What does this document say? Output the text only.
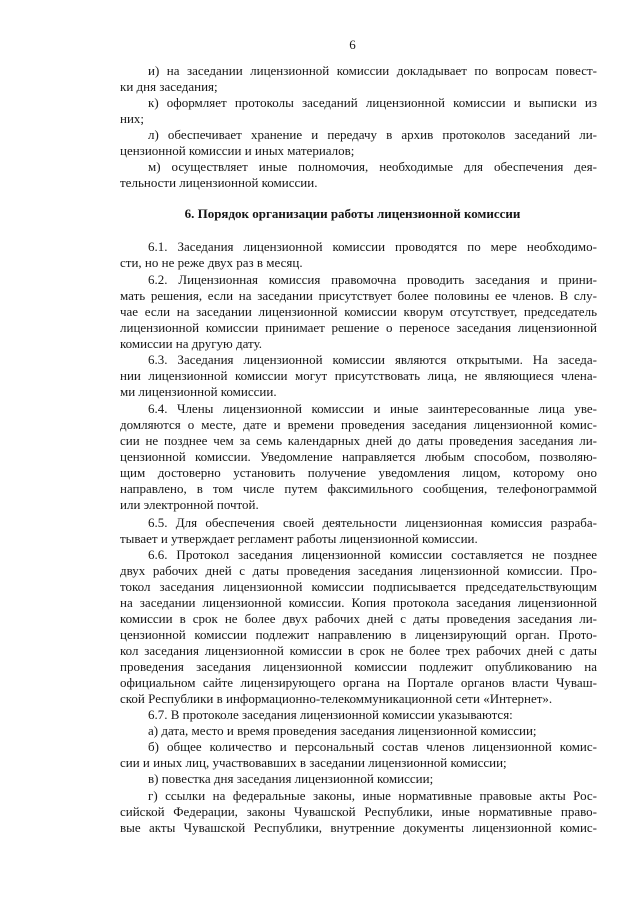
6
и) на заседании лицензионной комиссии докладывает по вопросам повест-
ки дня заседания;
к) оформляет протоколы заседаний лицензионной комиссии и выписки из
них;
л) обеспечивает хранение и передачу в архив протоколов заседаний ли-
цензионной комиссии и иных материалов;
м) осуществляет иные полномочия, необходимые для обеспечения дея-
тельности лицензионной комиссии.
6. Порядок организации работы лицензионной комиссии
6.1. Заседания лицензионной комиссии проводятся по мере необходимо-
сти, но не реже двух раз в месяц.
6.2. Лицензионная комиссия правомочна проводить заседания и прини-
мать решения, если на заседании присутствует более половины ее членов. В слу-
чае если на заседании лицензионной комиссии кворум отсутствует, председатель
лицензионной комиссии принимает решение о переносе заседания лицензионной
комиссии на другую дату.
6.3. Заседания лицензионной комиссии являются открытыми. На заседа-
нии лицензионной комиссии могут присутствовать лица, не являющиеся члена-
ми лицензионной комиссии.
6.4. Члены лицензионной комиссии и иные заинтересованные лица уве-
домляются о месте, дате и времени проведения заседания лицензионной комис-
сии не позднее чем за семь календарных дней до даты проведения заседания ли-
цензионной комиссии. Уведомление направляется любым способом, позволяю-
щим достоверно установить получение уведомления лицом, которому оно
направлено, в том числе путем факсимильного сообщения, телефонограммой
или электронной почтой.
6.5. Для обеспечения своей деятельности лицензионная комиссия разраба-
тывает и утверждает регламент работы лицензионной комиссии.
6.6. Протокол заседания лицензионной комиссии составляется не позднее
двух рабочих дней с даты проведения заседания лицензионной комиссии. Про-
токол заседания лицензионной комиссии подписывается председательствующим
на заседании лицензионной комиссии. Копия протокола заседания лицензионной
комиссии в срок не более двух рабочих дней с даты проведения заседания ли-
цензионной комиссии подлежит направлению в лицензирующий орган. Прото-
кол заседания лицензионной комиссии в срок не более трех рабочих дней с даты
проведения заседания лицензионной комиссии подлежит опубликованию на
официальном сайте лицензирующего органа на Портале органов власти Чуваш-
ской Республики в информационно-телекоммуникационной сети «Интернет».
6.7. В протоколе заседания лицензионной комиссии указываются:
а) дата, место и время проведения заседания лицензионной комиссии;
б) общее количество и персональный состав членов лицензионной комис-
сии и иных лиц, участвовавших в заседании лицензионной комиссии;
в) повестка дня заседания лицензионной комиссии;
г) ссылки на федеральные законы, иные нормативные правовые акты Рос-
сийской Федерации, законы Чувашской Республики, иные нормативные право-
вые акты Чувашской Республики, внутренние документы лицензионной комис-
